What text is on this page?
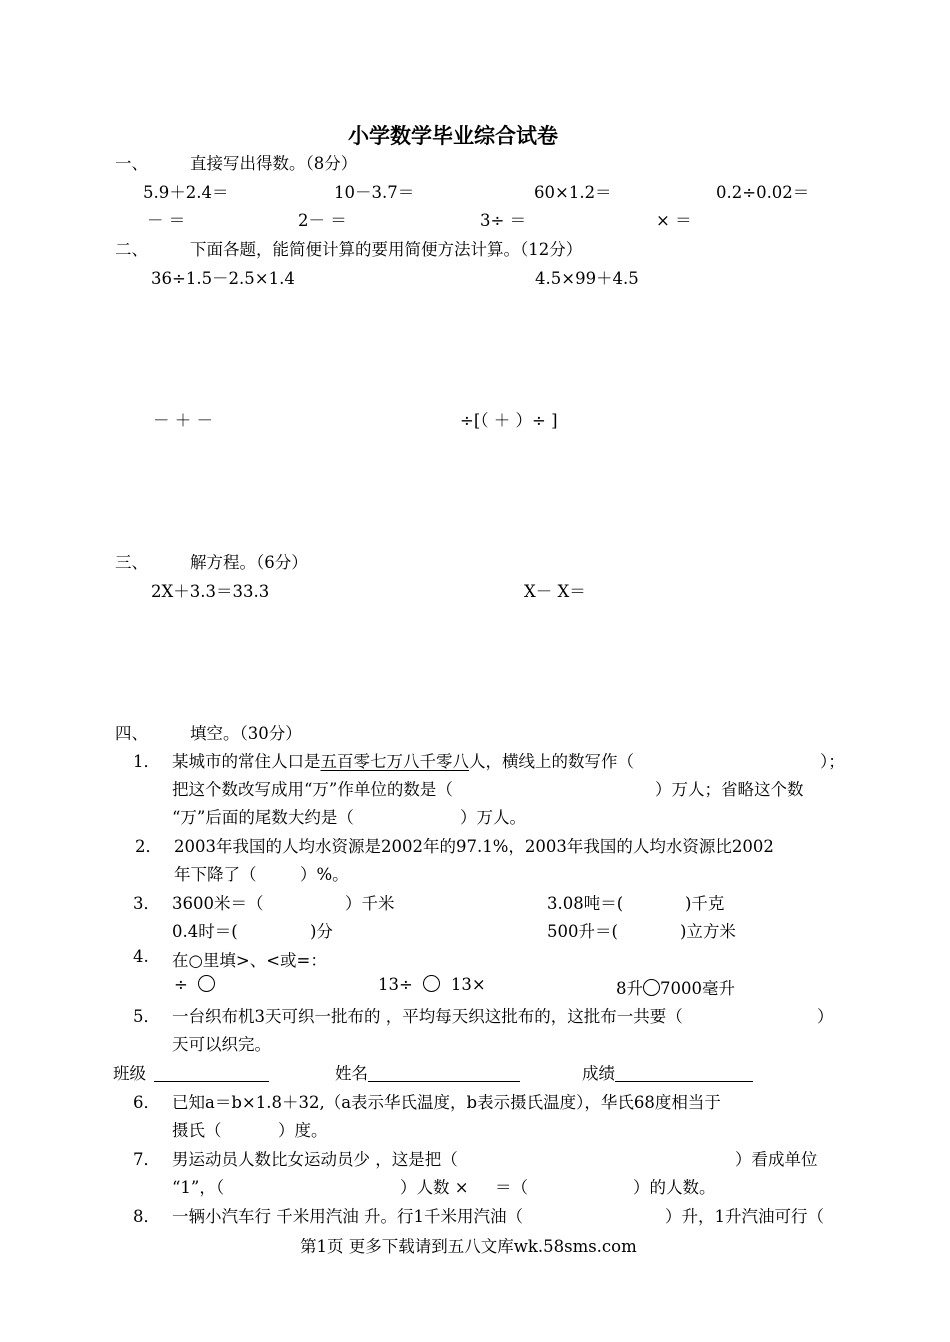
小学数学毕业综合试卷
一、	直接写出得数。（8分）
5.9＋2.4＝	10－3.7＝	60×1.2＝	0.2÷0.02＝
－ ＝	2－ ＝	3÷ ＝	× ＝
二、	下面各题，能简便计算的要用简便方法计算。（12分）
36÷1.5－2.5×1.4	4.5×99＋4.5
－ ＋ －	÷[（ ＋ ）÷ ]
三、	解方程。（6分）
2X＋3.3＝33.3	X－ X＝
四、	填空。（30分）
1． 某城市的常住人口是五百零七万八千零八人，横线上的数写作（	）；
把这个数改写成用“万”作单位的数是（	）万人；省略这个数
“万”后面的尾数大约是（	）万人。
2． 2003年我国的人均水资源是2002年的97.1%，2003年我国的人均水资源比2002
年下降了（	）%。
3． 3600米＝（	）千米	3.08吨＝(	)千克
0.4时＝(	)分	500升＝(	)立方米
4. 在○里填>、<或=：
÷	13÷ 13×	8升 7000毫升
5． 一台织布机3天可织一批布的 ，平均每天织这批布的，这批布一共要（	）
天可以织完。
班级	姓名	成绩
6． 已知a＝b×1.8＋32,（a表示华氏温度，b表示摄氏温度），华氏68度相当于
摄氏（	）度。
7． 男运动员人数比女运动员少 ，这是把（	）看成单位
“1”，（	）人数 × ＝（	）的人数。
8． 一辆小汽车行 千米用汽油 升。行1千米用汽油（	）升，1升汽油可行（
第1页 更多下载请到五八文库wk.58sms.com
